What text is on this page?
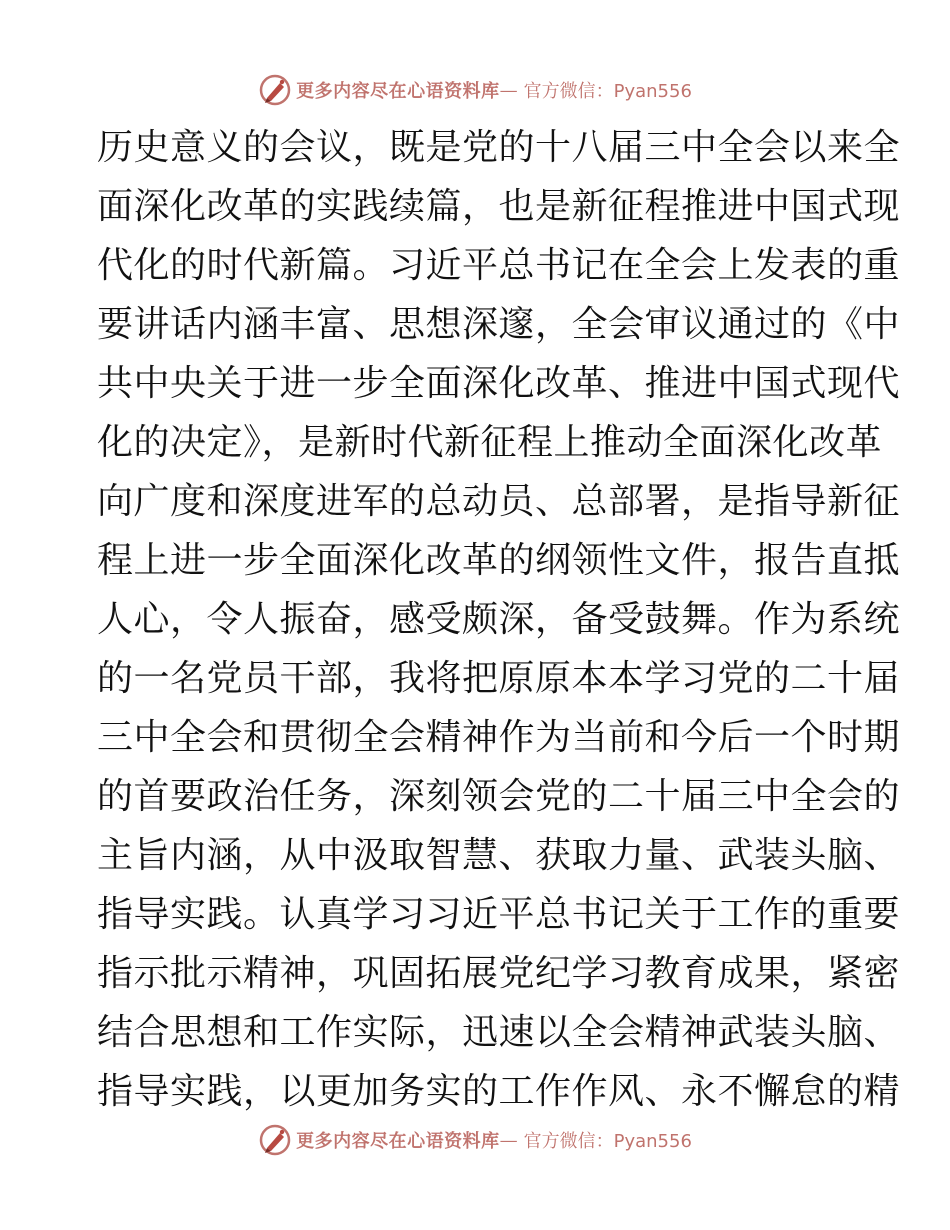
更多内容尽在心语资料库 — 官方微信：Pyan556
历史意义的会议，既是党的十八届三中全会以来全
面深化改革的实践续篇，也是新征程推进中国式现
代化的时代新篇。习近平总书记在全会上发表的重
要讲话内涵丰富、思想深邃，全会审议通过的《中
共中央关于进一步全面深化改革、推进中国式现代
化的决定》，是新时代新征程上推动全面深化改革
向广度和深度进军的总动员、总部署，是指导新征
程上进一步全面深化改革的纲领性文件，报告直抵
人心，令人振奋，感受颇深，备受鼓舞。作为系统
的一名党员干部，我将把原原本本学习党的二十届
三中全会和贯彻全会精神作为当前和今后一个时期
的首要政治任务，深刻领会党的二十届三中全会的
主旨内涵，从中汲取智慧、获取力量、武装头脑、
指导实践。认真学习习近平总书记关于工作的重要
指示批示精神，巩固拓展党纪学习教育成果，紧密
结合思想和工作实际，迅速以全会精神武装头脑、
指导实践，以更加务实的工作作风、永不懈怠的精
更多内容尽在心语资料库 — 官方微信：Pyan556
